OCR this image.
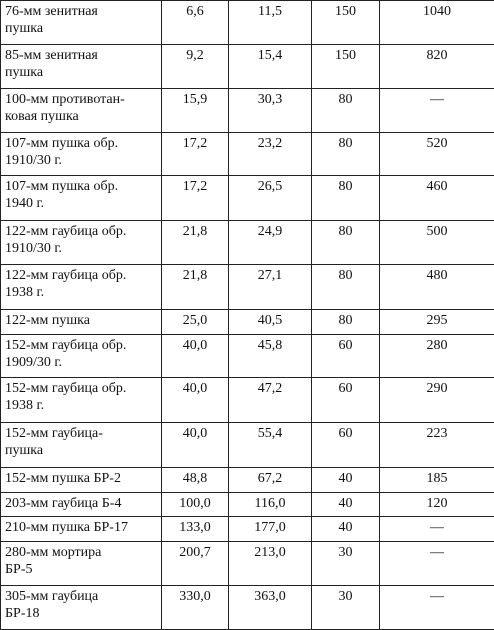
76-мм зенитная
пушка	6,6	11,5	150	1040

85-мм зенитная
пушка	9,2	15,4	150	820

100-мм противотан-
ковая пушка	15,9	30,3	80	—

107-мм пушка обр.
1910/30 г.	17,2	23,2	80	520

107-мм пушка обр.
1940 г.	17,2	26,5	80	460

122-мм гаубица обр.
1910/30 г.	21,8	24,9	80	500

122-мм гаубица обр.
1938 г.	21,8	27,1	80	480

122-мм пушка	25,0	40,5	80	295

152-мм гаубица обр.
1909/30 г.	40,0	45,8	60	280

152-мм гаубица обр.
1938 г.	40,0	47,2	60	290

152-мм гаубица-
пушка	40,0	55,4	60	223

152-мм пушка БР-2	48,8	67,2	40	185

203-мм гаубица Б-4	100,0	116,0	40	120

210-мм пушка БР-17	133,0	177,0	40	—

280-мм мортира
БР-5	200,7	213,0	30	—

305-мм гаубица
БР-18	330,0	363,0	30	—
